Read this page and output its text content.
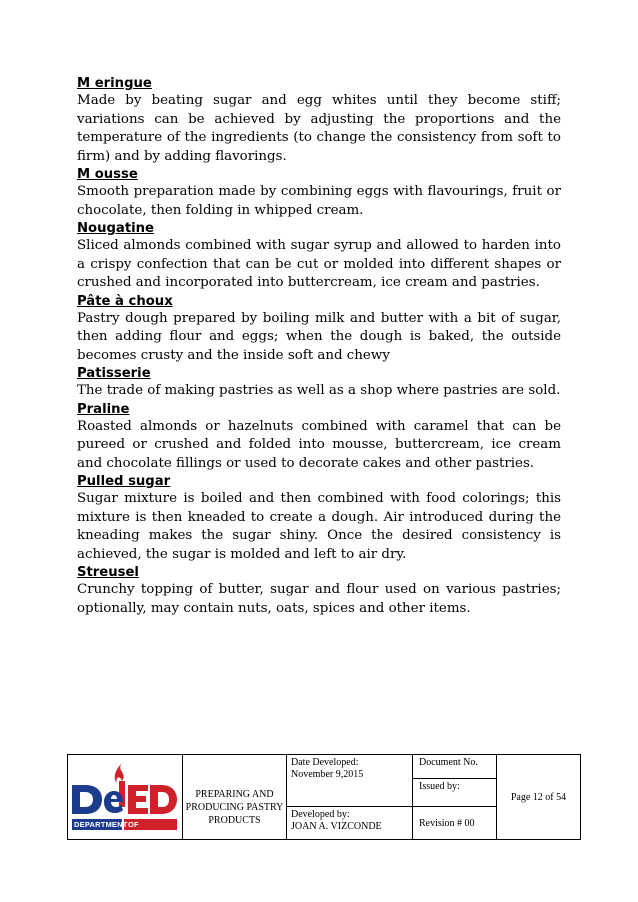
M eringue

Made by beating sugar and egg whites until they become stiff; variations can be achieved by adjusting the proportions and the temperature of the ingredients (to change the consistency from soft to firm) and by adding flavorings.

M ousse

Smooth preparation made by combining eggs with flavourings, fruit or chocolate, then folding in whipped cream.

Nougatine

Sliced almonds combined with sugar syrup and allowed to harden into a crispy confection that can be cut or molded into different shapes or crushed and incorporated into buttercream, ice cream and pastries.

Pâte à choux

Pastry dough prepared by boiling milk and butter with a bit of sugar, then adding flour and eggs; when the dough is baked, the outside becomes crusty and the inside soft and chewy

Patisserie

The trade of making pastries as well as a shop where pastries are sold.

Praline

Roasted almonds or hazelnuts combined with caramel that can be pureed or crushed and folded into mousse, buttercream, ice cream and chocolate fillings or used to decorate cakes and other pastries.

Pulled sugar

Sugar mixture is boiled and then combined with food colorings; this mixture is then kneaded to create a dough. Air introduced during the kneading makes the sugar shiny. Once the desired consistency is achieved, the sugar is molded and left to air dry.

Streusel

Crunchy topping of butter, sugar and flour used on various pastries; optionally, may contain nuts, oats, spices and other items.

DEPARTMENT OF EDUCATION
PREPARING AND
PRODUCING PASTRY
PRODUCTS
Date Developed:
November 9,2015
Developed by:
JOAN A. VIZCONDE
Document No.
Issued by:
Revision # 00
Page 12 of 54
